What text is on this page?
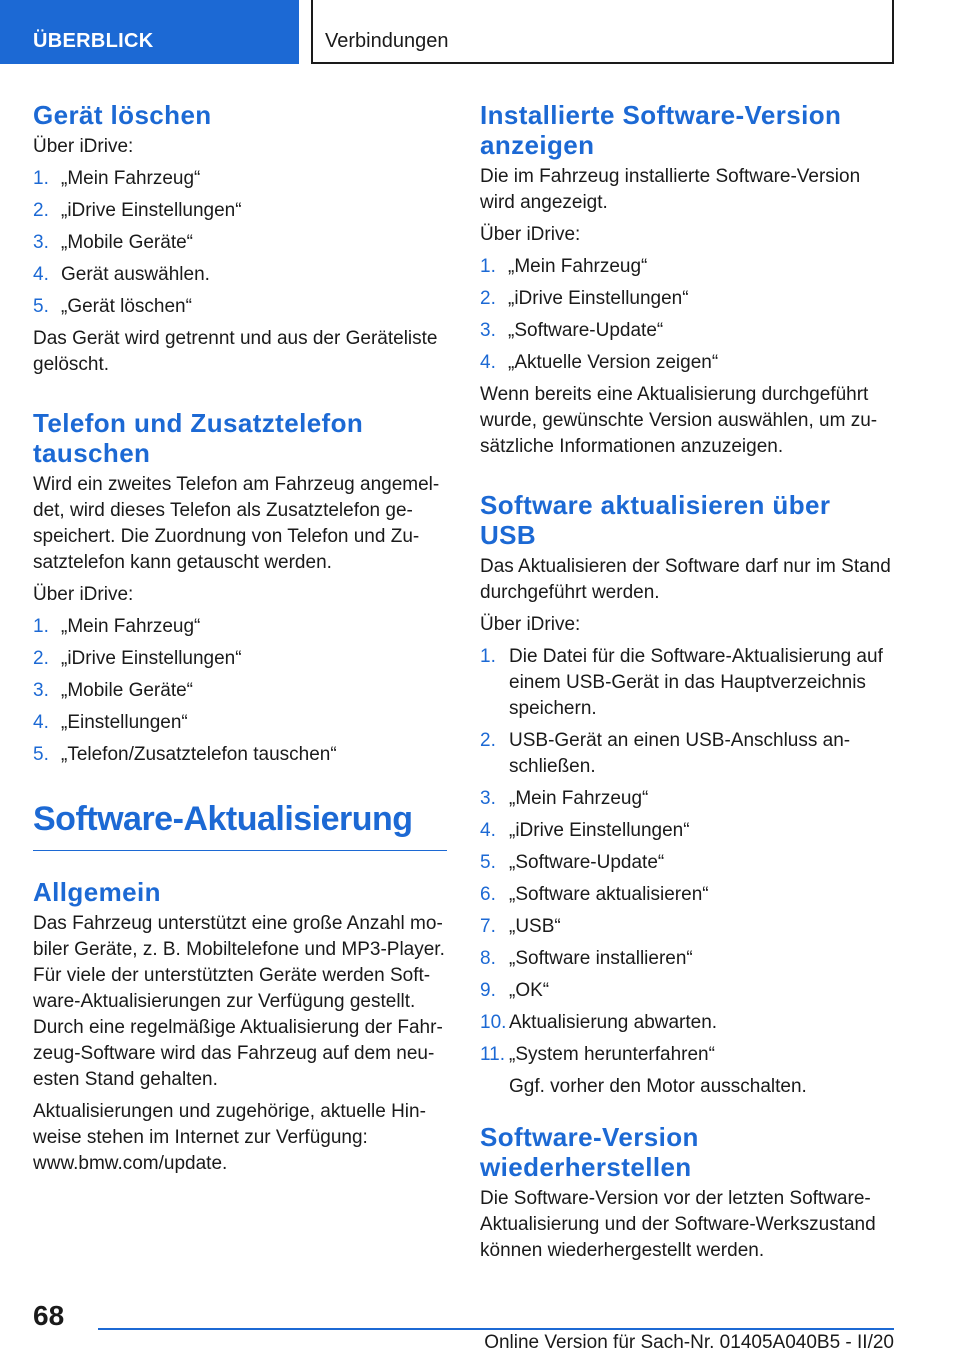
ÜBERBLICK	Verbindungen
Gerät löschen

Über iDrive:

1. „Mein Fahrzeug“
2. „iDrive Einstellungen“
3. „Mobile Geräte“
4. Gerät auswählen.
5. „Gerät löschen“

Das Gerät wird getrennt und aus der Geräteliste gelöscht.

Telefon und Zusatztelefon tauschen

Wird ein zweites Telefon am Fahrzeug angemeldet, wird dieses Telefon als Zusatztelefon gespeichert. Die Zuordnung von Telefon und Zusatztelefon kann getauscht werden.

Über iDrive:

1. „Mein Fahrzeug“
2. „iDrive Einstellungen“
3. „Mobile Geräte“
4. „Einstellungen“
5. „Telefon/Zusatztelefon tauschen“
Software-Aktualisierung
Allgemein

Das Fahrzeug unterstützt eine große Anzahl mobiler Geräte, z. B. Mobiltelefone und MP3-Player. Für viele der unterstützten Geräte werden Software-Aktualisierungen zur Verfügung gestellt. Durch eine regelmäßige Aktualisierung der Fahrzeug-Software wird das Fahrzeug auf dem neuesten Stand gehalten.

Aktualisierungen und zugehörige, aktuelle Hinweise stehen im Internet zur Verfügung: www.bmw.com/update.

Installierte Software-Version anzeigen

Die im Fahrzeug installierte Software-Version wird angezeigt.

Über iDrive:

1. „Mein Fahrzeug“
2. „iDrive Einstellungen“
3. „Software-Update“
4. „Aktuelle Version zeigen“

Wenn bereits eine Aktualisierung durchgeführt wurde, gewünschte Version auswählen, um zusätzliche Informationen anzuzeigen.

Software aktualisieren über USB

Das Aktualisieren der Software darf nur im Stand durchgeführt werden.

Über iDrive:

1. Die Datei für die Software-Aktualisierung auf einem USB-Gerät in das Hauptverzeichnis speichern.
2. USB-Gerät an einen USB-Anschluss anschließen.
3. „Mein Fahrzeug“
4. „iDrive Einstellungen“
5. „Software-Update“
6. „Software aktualisieren“
7. „USB“
8. „Software installieren“
9. „OK“
10. Aktualisierung abwarten.
11. „System herunterfahren“
Ggf. vorher den Motor ausschalten.
Software-Version wiederherstellen

Die Software-Version vor der letzten Software-Aktualisierung und der Software-Werkszustand können wiederhergestellt werden.

68
Online Version für Sach-Nr. 01405A040B5 - II/20
